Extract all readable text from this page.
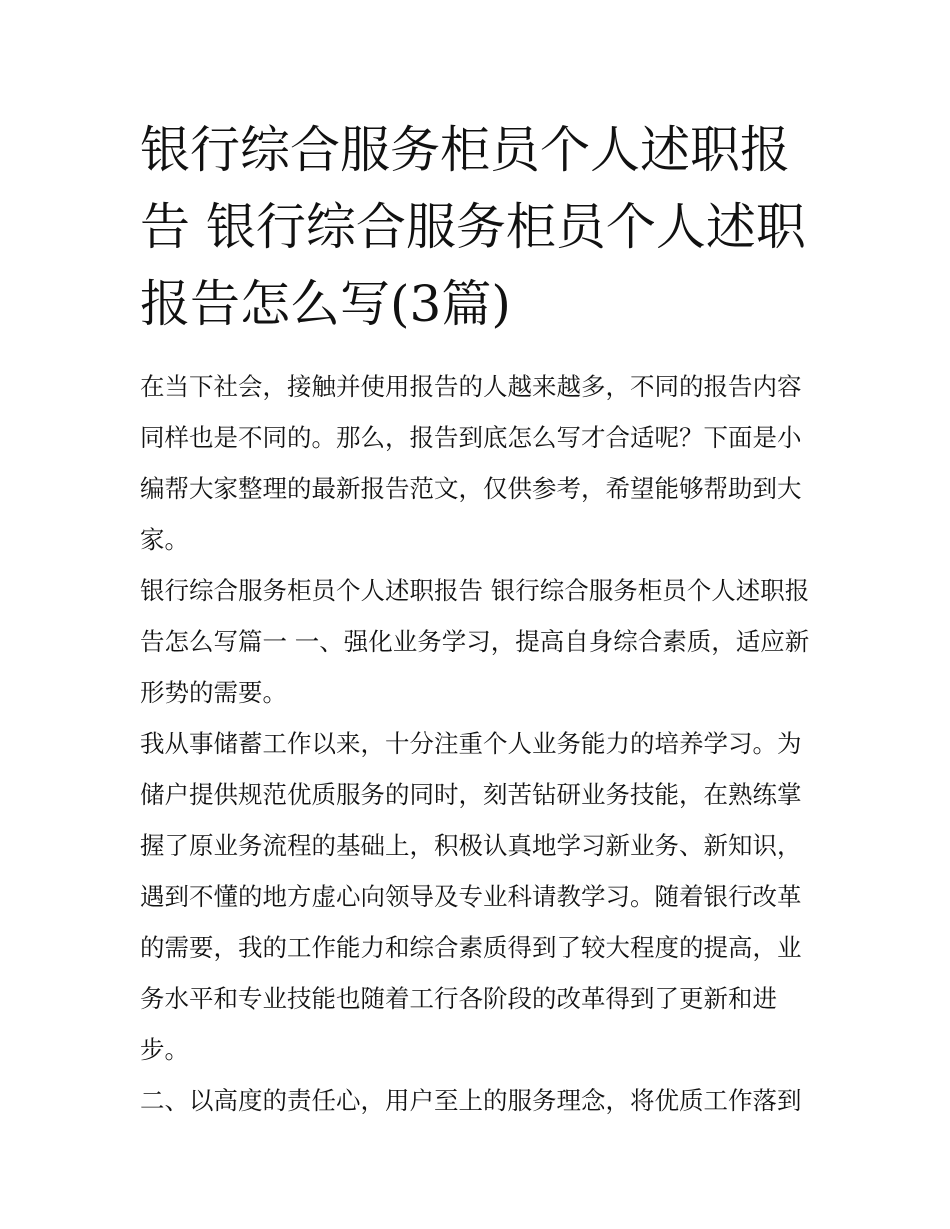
银行综合服务柜员个人述职报告 银行综合服务柜员个人述职报告怎么写(3篇)

在当下社会，接触并使用报告的人越来越多，不同的报告内容同样也是不同的。那么，报告到底怎么写才合适呢？下面是小编帮大家整理的最新报告范文，仅供参考，希望能够帮助到大家。

银行综合服务柜员个人述职报告 银行综合服务柜员个人述职报告怎么写篇一 一、强化业务学习，提高自身综合素质，适应新形势的需要。

我从事储蓄工作以来，十分注重个人业务能力的培养学习。为储户提供规范优质服务的同时，刻苦钻研业务技能，在熟练掌握了原业务流程的基础上，积极认真地学习新业务、新知识，遇到不懂的地方虚心向领导及专业科请教学习。随着银行改革的需要，我的工作能力和综合素质得到了较大程度的提高，业务水平和专业技能也随着工行各阶段的改革得到了更新和进步。

二、以高度的责任心，用户至上的服务理念，将优质工作落到
